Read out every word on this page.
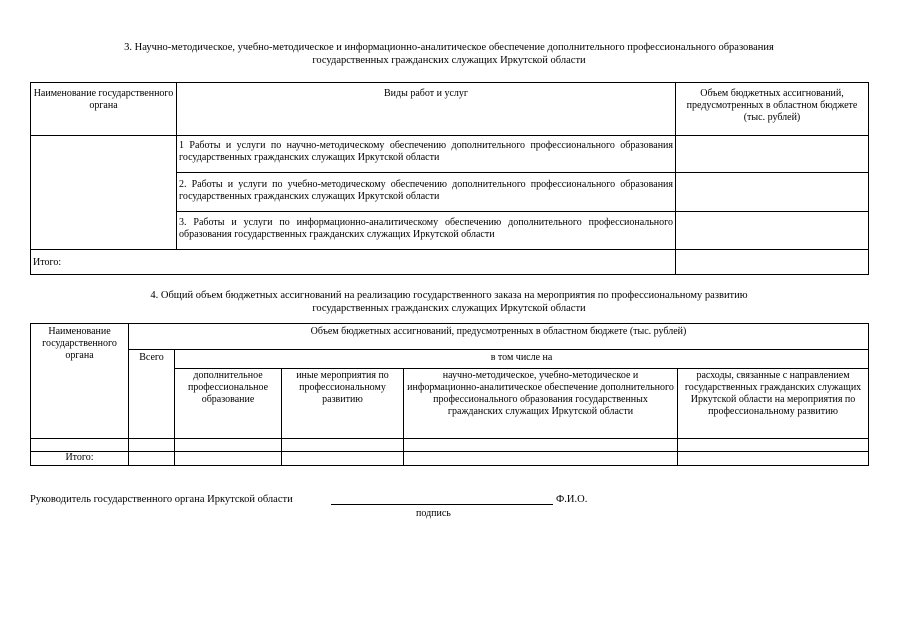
3. Научно-методическое, учебно-методическое и информационно-аналитическое обеспечение дополнительного профессионального образования
государственных гражданских служащих Иркутской области
Наименование государственного органа	Виды работ и услуг	Объем бюджетных ассигнований, предусмотренных в областном бюджете (тыс. рублей)
	1 Работы и услуги по научно-методическому обеспечению дополнительного профессионального образования государственных гражданских служащих Иркутской области	
	2. Работы и услуги по учебно-методическому обеспечению дополнительного профессионального образования государственных гражданских служащих Иркутской области	
	3. Работы и услуги по информационно-аналитическому обеспечению дополнительного профессионального образования государственных гражданских служащих Иркутской области	
Итого:		
4. Общий объем бюджетных ассигнований на реализацию государственного заказа на мероприятия по профессиональному развитию
государственных гражданских служащих Иркутской области
Наименование государственного органа	Объем бюджетных ассигнований, предусмотренных в областном бюджете (тыс. рублей)				
	Всего	в том числе на			
		дополнительное профессиональное образование	иные мероприятия по профессиональному развитию	научно-методическое, учебно-методическое и информационно-аналитическое обеспечение дополнительного профессионального образования государственных гражданских служащих Иркутской области	расходы, связанные с направлением государственных гражданских служащих Иркутской области на мероприятия по профессиональному развитию

Итого:					
Руководитель государственного органа Иркутской области	Ф.И.О.
подпись
